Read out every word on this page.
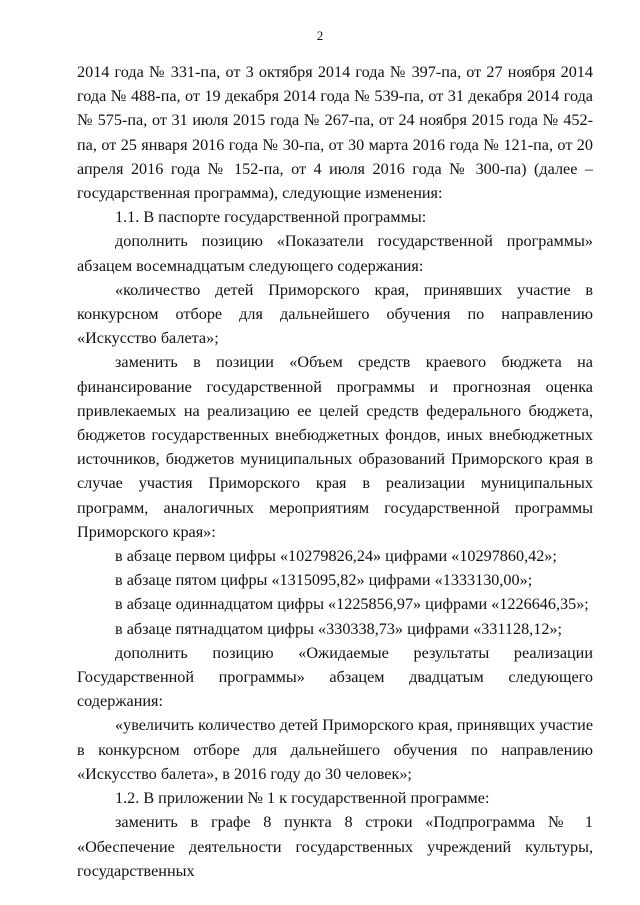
2

2014 года № 331-па, от 3 октября 2014 года № 397-па, от 27 ноября 2014 года № 488-па, от 19 декабря 2014 года № 539-па, от 31 декабря 2014 года № 575-па, от 31 июля 2015 года № 267-па, от 24 ноября 2015 года № 452-па, от 25 января 2016 года № 30-па, от 30 марта 2016 года № 121-па, от 20 апреля 2016 года № 152-па, от 4 июля 2016 года № 300-па) (далее – государственная программа), следующие изменения:

1.1. В паспорте государственной программы:

дополнить позицию «Показатели государственной программы» абзацем восемнадцатым следующего содержания:

«количество детей Приморского края, принявших участие в конкурсном отборе для дальнейшего обучения по направлению «Искусство балета»;

заменить в позиции «Объем средств краевого бюджета на финансирование государственной программы и прогнозная оценка привлекаемых на реализацию ее целей средств федерального бюджета, бюджетов государственных внебюджетных фондов, иных внебюджетных источников, бюджетов муниципальных образований Приморского края в случае участия Приморского края в реализации муниципальных программ, аналогичных мероприятиям государственной программы Приморского края»:

в абзаце первом цифры «10279826,24» цифрами «10297860,42»;

в абзаце пятом цифры «1315095,82» цифрами «1333130,00»;

в абзаце одиннадцатом цифры «1225856,97» цифрами «1226646,35»;

в абзаце пятнадцатом цифры «330338,73» цифрами «331128,12»;

дополнить позицию «Ожидаемые результаты реализации Государственной программы» абзацем двадцатым следующего содержания:

«увеличить количество детей Приморского края, принявщих участие в конкурсном отборе для дальнейшего обучения по направлению «Искусство балета», в 2016 году до 30 человек»;

1.2. В приложении № 1 к государственной программе:

заменить в графе 8 пункта 8 строки «Подпрограмма № 1 «Обеспечение деятельности государственных учреждений культуры, государственных
